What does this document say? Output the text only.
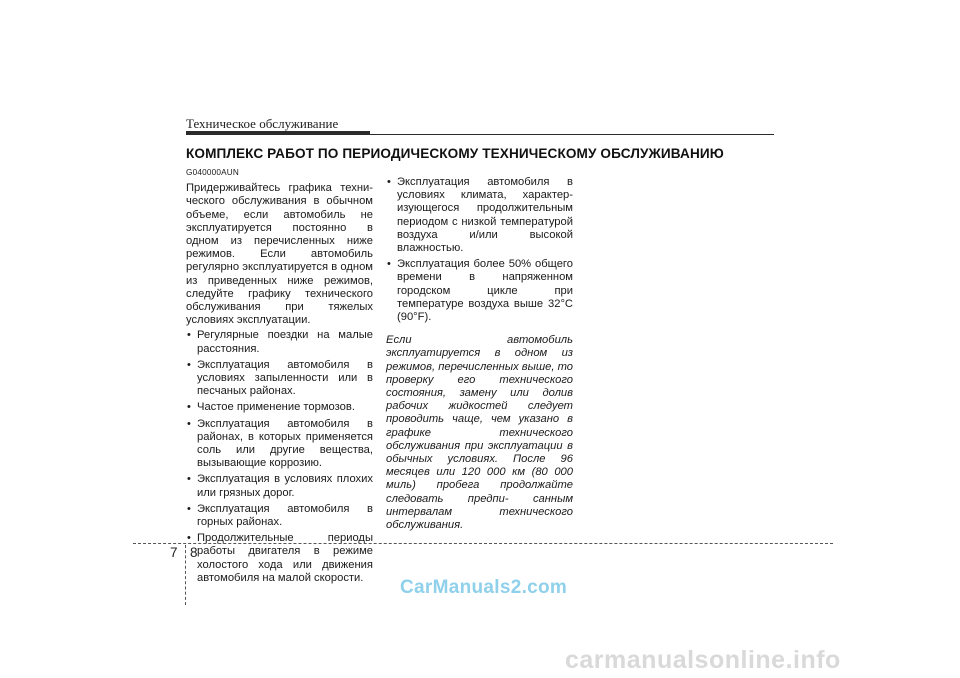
Техническое обслуживание
КОМПЛЕКС РАБОТ ПО ПЕРИОДИЧЕСКОМУ ТЕХНИЧЕСКОМУ ОБСЛУЖИВАНИЮ
G040000AUN

Придерживайтесь графика техни- ческого обслуживания в обычном объеме, если автомобиль не эксплуатируется постоянно в одном из перечисленных ниже режимов. Если автомобиль регулярно эксплуатируется в одном из приведенных ниже режимов, следуйте графику технического обслуживания при тяжелых условиях эксплуатации.

• Регулярные поездки на малые расстояния.
• Эксплуатация автомобиля в условиях запыленности или в песчаных районах.
• Частое применение тормозов.
• Эксплуатация автомобиля в районах, в которых применяется соль или другие вещества, вызывающие коррозию.
• Эксплуатация в условиях плохих или грязных дорог.
• Эксплуатация автомобиля в горных районах.
• Продолжительные периоды работы двигателя в режиме холостого хода или движения автомобиля на малой скорости.
• Эксплуатация автомобиля в условиях климата, характер- изующегося продолжительным периодом с низкой температурой воздуха и/или высокой влажностью.
• Эксплуатация более 50% общего времени в напряженном городском цикле при температуре воздуха выше 32°C (90°F).

Если автомобиль эксплуатируется в одном из режимов, перечисленных выше, то проверку его технического состояния, замену или долив рабочих жидкостей следует проводить чаще, чем указано в графике технического обслуживания при эксплуатации в обычных условиях. После 96 месяцев или 120 000 км (80 000 миль) пробега продолжайте следовать предпи- санным интервалам технического обслуживания.

7 8
CarManuals2.com
carmanualsonline.info
